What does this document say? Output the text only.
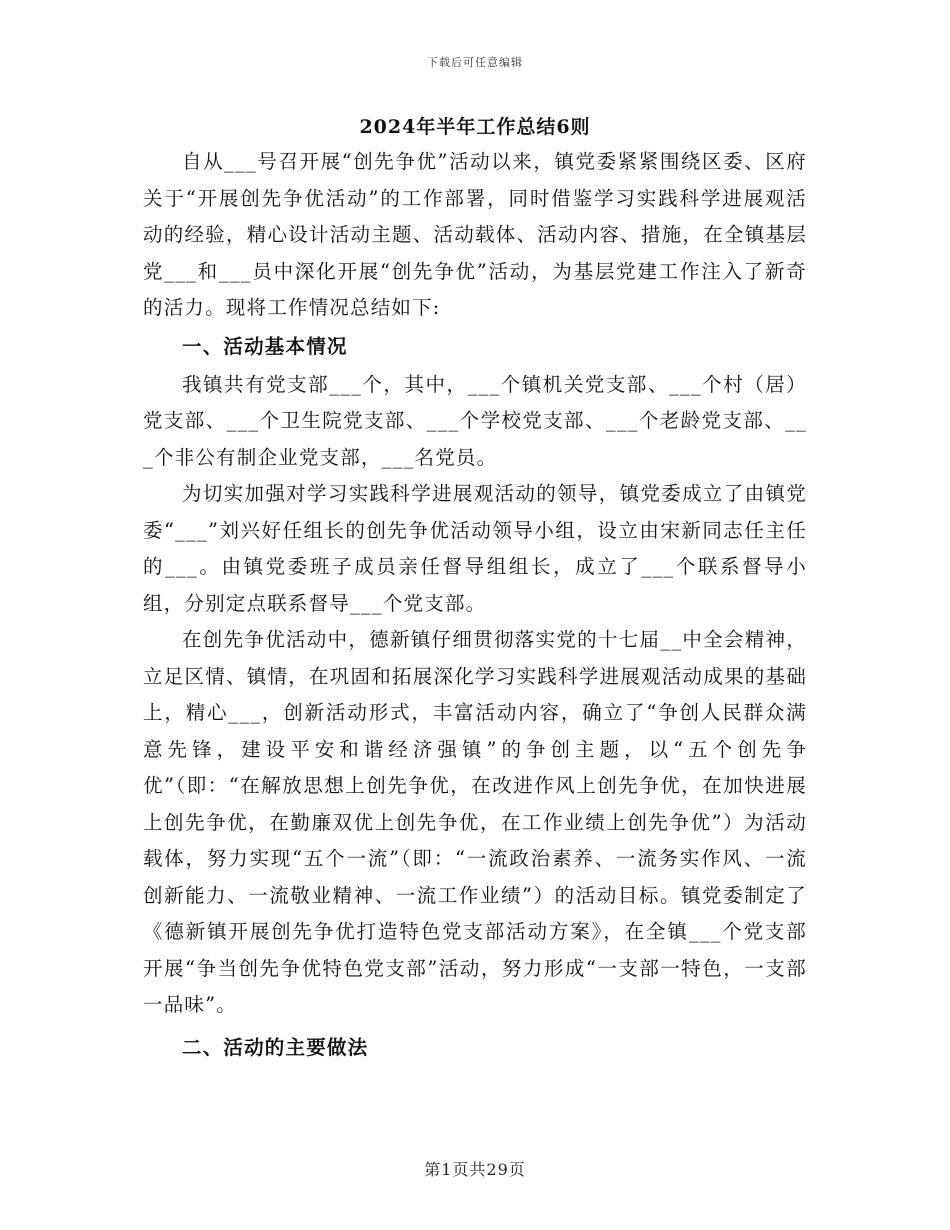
下载后可任意编辑
2024年半年工作总结6则

自从___号召开展“创先争优”活动以来，镇党委紧紧围绕区委、区府关于“开展创先争优活动”的工作部署，同时借鉴学习实践科学进展观活动的经验，精心设计活动主题、活动载体、活动内容、措施，在全镇基层党___和___员中深化开展“创先争优”活动，为基层党建工作注入了新奇的活力。现将工作情况总结如下:

一、活动基本情况

我镇共有党支部___个，其中，___个镇机关党支部、___个村（居）党支部、___个卫生院党支部、___个学校党支部、___个老龄党支部、___个非公有制企业党支部，___名党员。

为切实加强对学习实践科学进展观活动的领导，镇党委成立了由镇党委“___”刘兴好任组长的创先争优活动领导小组，设立由宋新同志任主任的___。由镇党委班子成员亲任督导组组长，成立了___个联系督导小组，分别定点联系督导___个党支部。

在创先争优活动中，德新镇仔细贯彻落实党的十七届__中全会精神，立足区情、镇情，在巩固和拓展深化学习实践科学进展观活动成果的基础上，精心___，创新活动形式，丰富活动内容，确立了“争创人民群众满意先锋，建设平安和谐经济强镇”的争创主题，以“五个创先争优”（即：“在解放思想上创先争优，在改进作风上创先争优，在加快进展上创先争优，在勤廉双优上创先争优，在工作业绩上创先争优”）为活动载体，努力实现“五个一流”（即：“一流政治素养、一流务实作风、一流创新能力、一流敬业精神、一流工作业绩”）的活动目标。镇党委制定了《德新镇开展创先争优打造特色党支部活动方案》，在全镇___个党支部开展“争当创先争优特色党支部”活动，努力形成“一支部一特色，一支部一品味”。

二、活动的主要做法
第1页共29页
